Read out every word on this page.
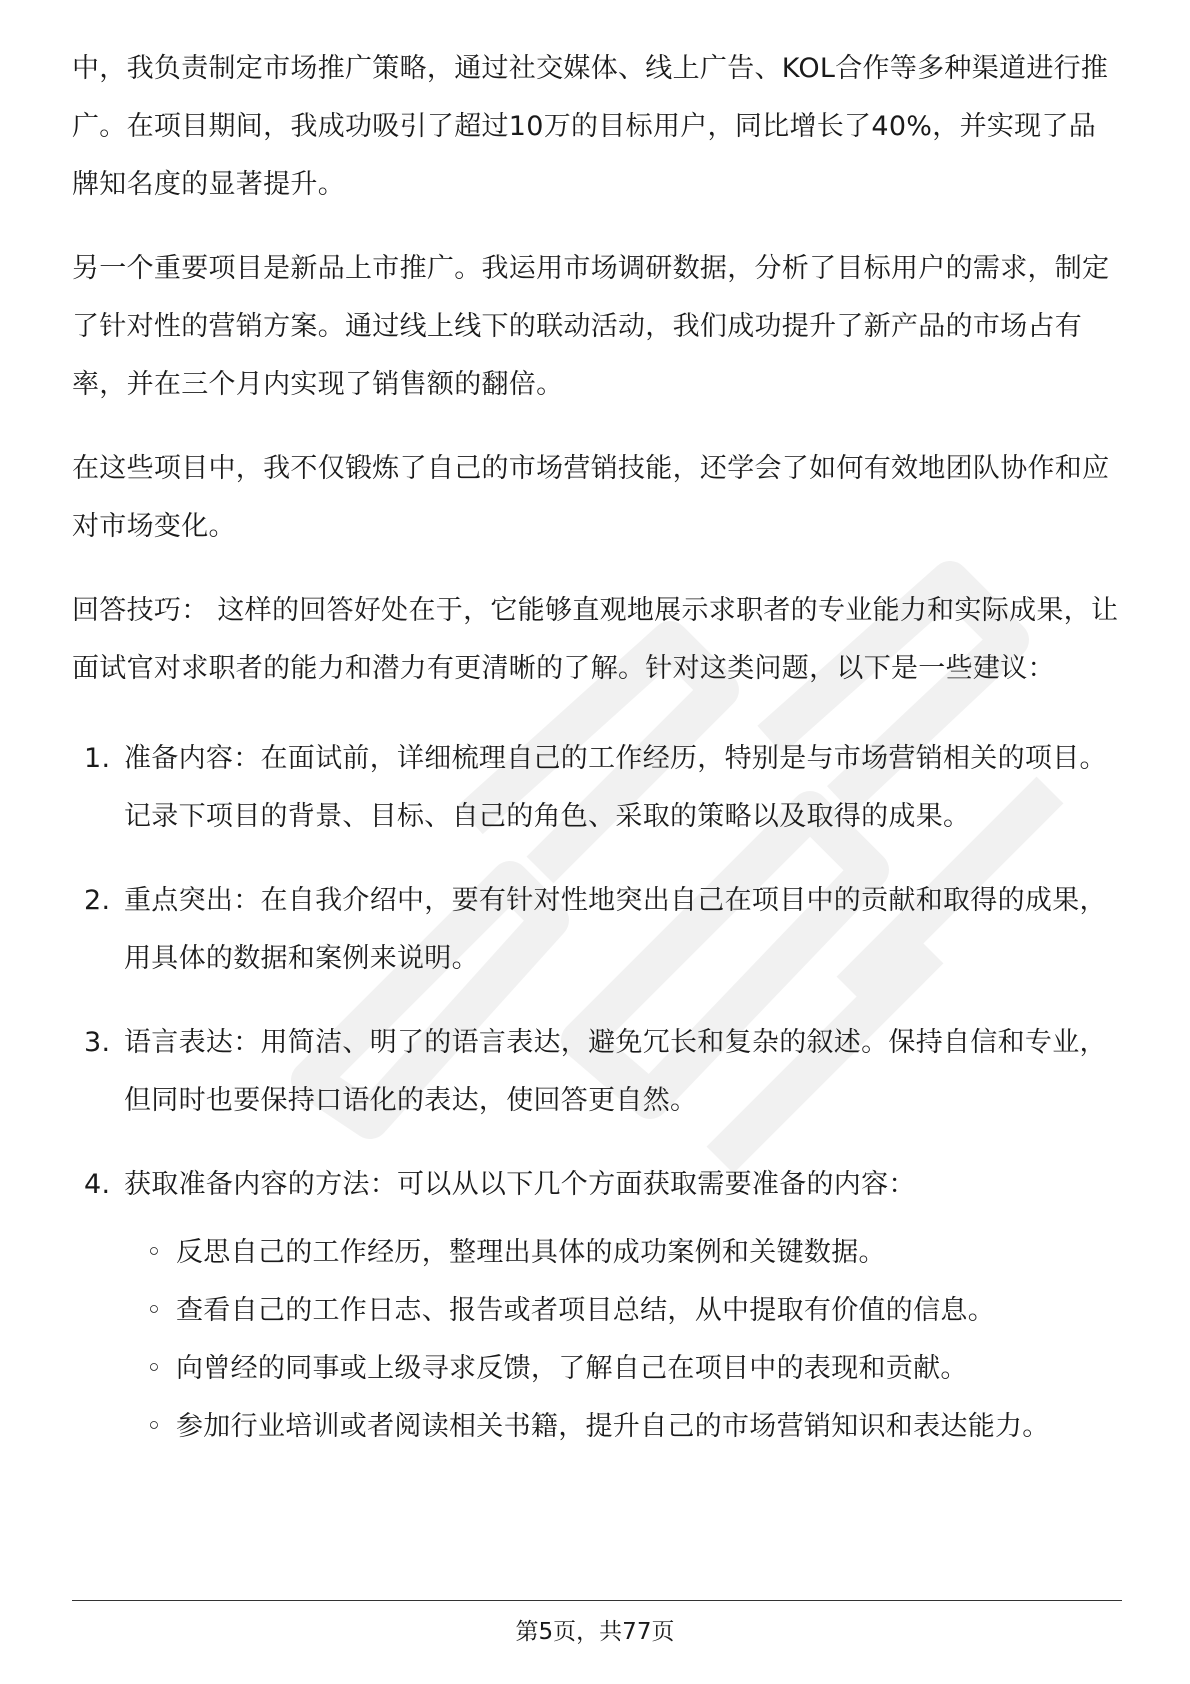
中，我负责制定市场推广策略，通过社交媒体、线上广告、KOL合作等多种渠道进行推广。在项目期间，我成功吸引了超过10万的目标用户，同比增长了40%，并实现了品牌知名度的显著提升。

另一个重要项目是新品上市推广。我运用市场调研数据，分析了目标用户的需求，制定了针对性的营销方案。通过线上线下的联动活动，我们成功提升了新产品的市场占有率，并在三个月内实现了销售额的翻倍。

在这些项目中，我不仅锻炼了自己的市场营销技能，还学会了如何有效地团队协作和应对市场变化。

回答技巧： 这样的回答好处在于，它能够直观地展示求职者的专业能力和实际成果，让面试官对求职者的能力和潜力有更清晰的了解。针对这类问题，以下是一些建议：

1. 准备内容：在面试前，详细梳理自己的工作经历，特别是与市场营销相关的项目。记录下项目的背景、目标、自己的角色、采取的策略以及取得的成果。
2. 重点突出：在自我介绍中，要有针对性地突出自己在项目中的贡献和取得的成果，用具体的数据和案例来说明。
3. 语言表达：用简洁、明了的语言表达，避免冗长和复杂的叙述。保持自信和专业，但同时也要保持口语化的表达，使回答更自然。
4. 获取准备内容的方法：可以从以下几个方面获取需要准备的内容：
◦ 反思自己的工作经历，整理出具体的成功案例和关键数据。
◦ 查看自己的工作日志、报告或者项目总结，从中提取有价值的信息。
◦ 向曾经的同事或上级寻求反馈，了解自己在项目中的表现和贡献。
◦ 参加行业培训或者阅读相关书籍，提升自己的市场营销知识和表达能力。
第5页，共77页
